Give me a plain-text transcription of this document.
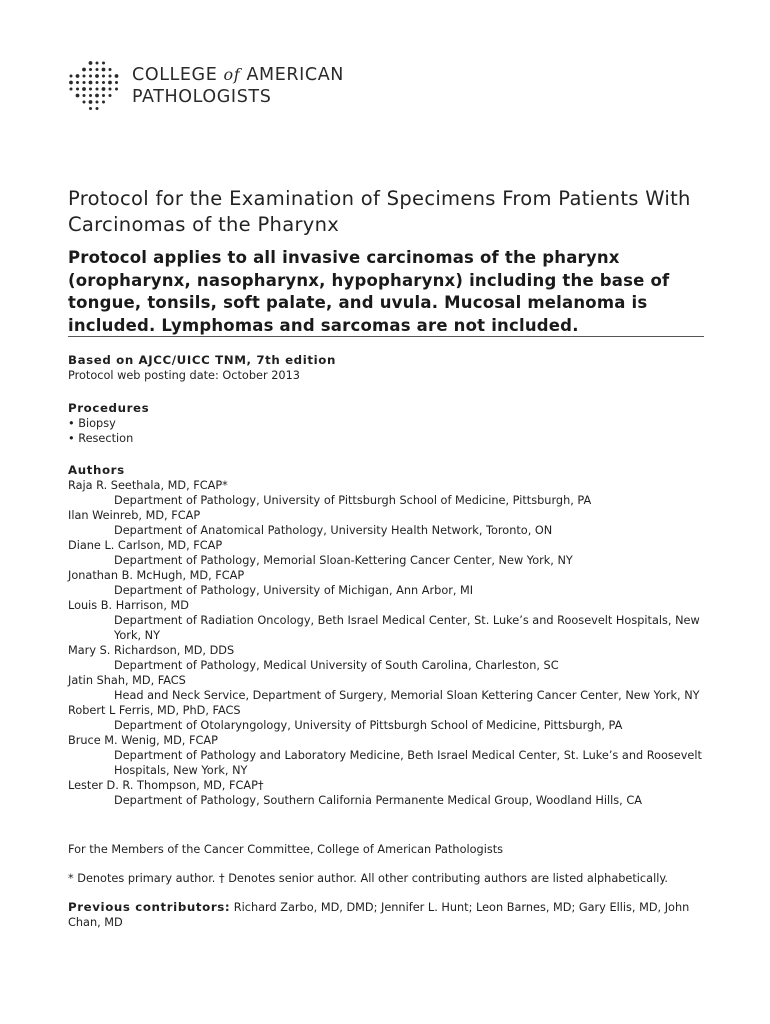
COLLEGE of AMERICAN
PATHOLOGISTS
Protocol for the Examination of Specimens From Patients With Carcinomas of the Pharynx
Protocol applies to all invasive carcinomas of the pharynx (oropharynx, nasopharynx, hypopharynx) including the base of tongue, tonsils, soft palate, and uvula. Mucosal melanoma is included. Lymphomas and sarcomas are not included.
Based on AJCC/UICC TNM, 7th edition
Protocol web posting date: October 2013
Procedures
• Biopsy
• Resection
Authors
Raja R. Seethala, MD, FCAP*
Department of Pathology, University of Pittsburgh School of Medicine, Pittsburgh, PA
Ilan Weinreb, MD, FCAP
Department of Anatomical Pathology, University Health Network, Toronto, ON
Diane L. Carlson, MD, FCAP
Department of Pathology, Memorial Sloan-Kettering Cancer Center, New York, NY
Jonathan B. McHugh, MD, FCAP
Department of Pathology, University of Michigan, Ann Arbor, MI
Louis B. Harrison, MD
Department of Radiation Oncology, Beth Israel Medical Center, St. Luke’s and Roosevelt Hospitals, New York, NY
Mary S. Richardson, MD, DDS
Department of Pathology, Medical University of South Carolina, Charleston, SC
Jatin Shah, MD, FACS
Head and Neck Service, Department of Surgery, Memorial Sloan Kettering Cancer Center, New York, NY
Robert L Ferris, MD, PhD, FACS
Department of Otolaryngology, University of Pittsburgh School of Medicine, Pittsburgh, PA
Bruce M. Wenig, MD, FCAP
Department of Pathology and Laboratory Medicine, Beth Israel Medical Center, St. Luke’s and Roosevelt Hospitals, New York, NY
Lester D. R. Thompson, MD, FCAP†
Department of Pathology, Southern California Permanente Medical Group, Woodland Hills, CA
For the Members of the Cancer Committee, College of American Pathologists
* Denotes primary author. † Denotes senior author. All other contributing authors are listed alphabetically.
Previous contributors: Richard Zarbo, MD, DMD; Jennifer L. Hunt; Leon Barnes, MD; Gary Ellis, MD, John Chan, MD
